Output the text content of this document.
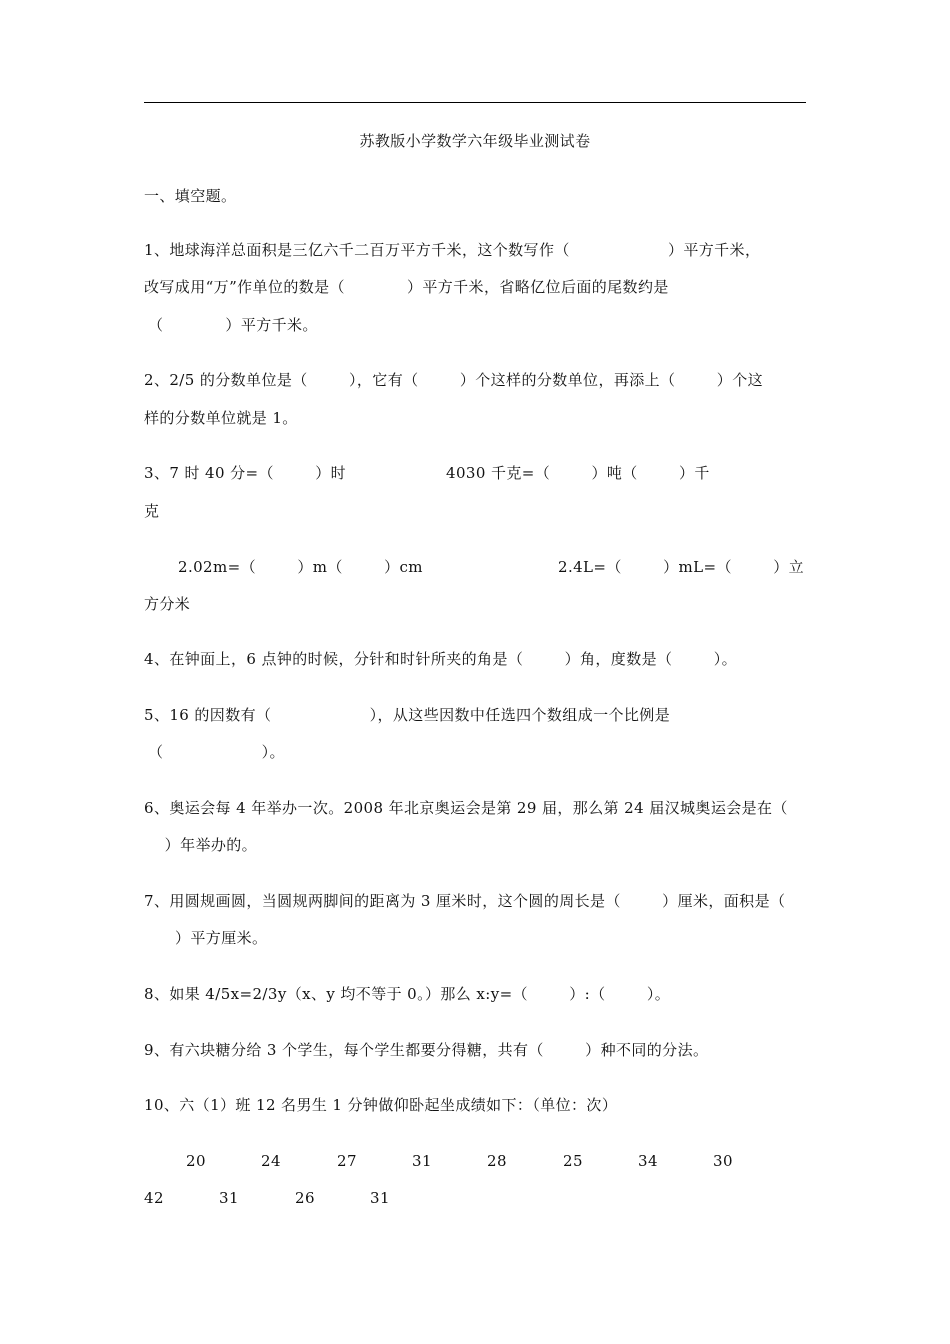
苏教版小学数学六年级毕业测试卷
一、填空题。
1、地球海洋总面积是三亿六千二百万平方千米，这个数写作（                   ）平方千米，
改写成用“万”作单位的数是（            ）平方千米，省略亿位后面的尾数约是
（            ）平方千米。
2、2/5 的分数单位是（        ），它有（        ）个这样的分数单位，再添上（        ）个这
样的分数单位就是 1。
3、7 时 40 分=（        ）时	4030 千克=（        ）吨（        ）千
克
2.02m=（        ）m（        ）cm	2.4L=（        ）mL=（        ）立
方分米
4、在钟面上，6 点钟的时候，分针和时针所夹的角是（        ）角，度数是（        ）。
5、16 的因数有（                   ），从这些因数中任选四个数组成一个比例是
（                   ）。
6、奥运会每 4 年举办一次。2008 年北京奥运会是第 29 届，那么第 24 届汉城奥运会是在（
）年举办的。
7、用圆规画圆，当圆规两脚间的距离为 3 厘米时，这个圆的周长是（        ）厘米，面积是（
）平方厘米。
8、如果 4/5x=2/3y（x、y 均不等于 0。）那么 x:y=（        ）:（        ）。
9、有六块糖分给 3 个学生，每个学生都要分得糖，共有（        ）种不同的分法。
10、六（1）班 12 名男生 1 分钟做仰卧起坐成绩如下：（单位：次）
20	24	27	31	28	25	34	30
42	31	26	31
